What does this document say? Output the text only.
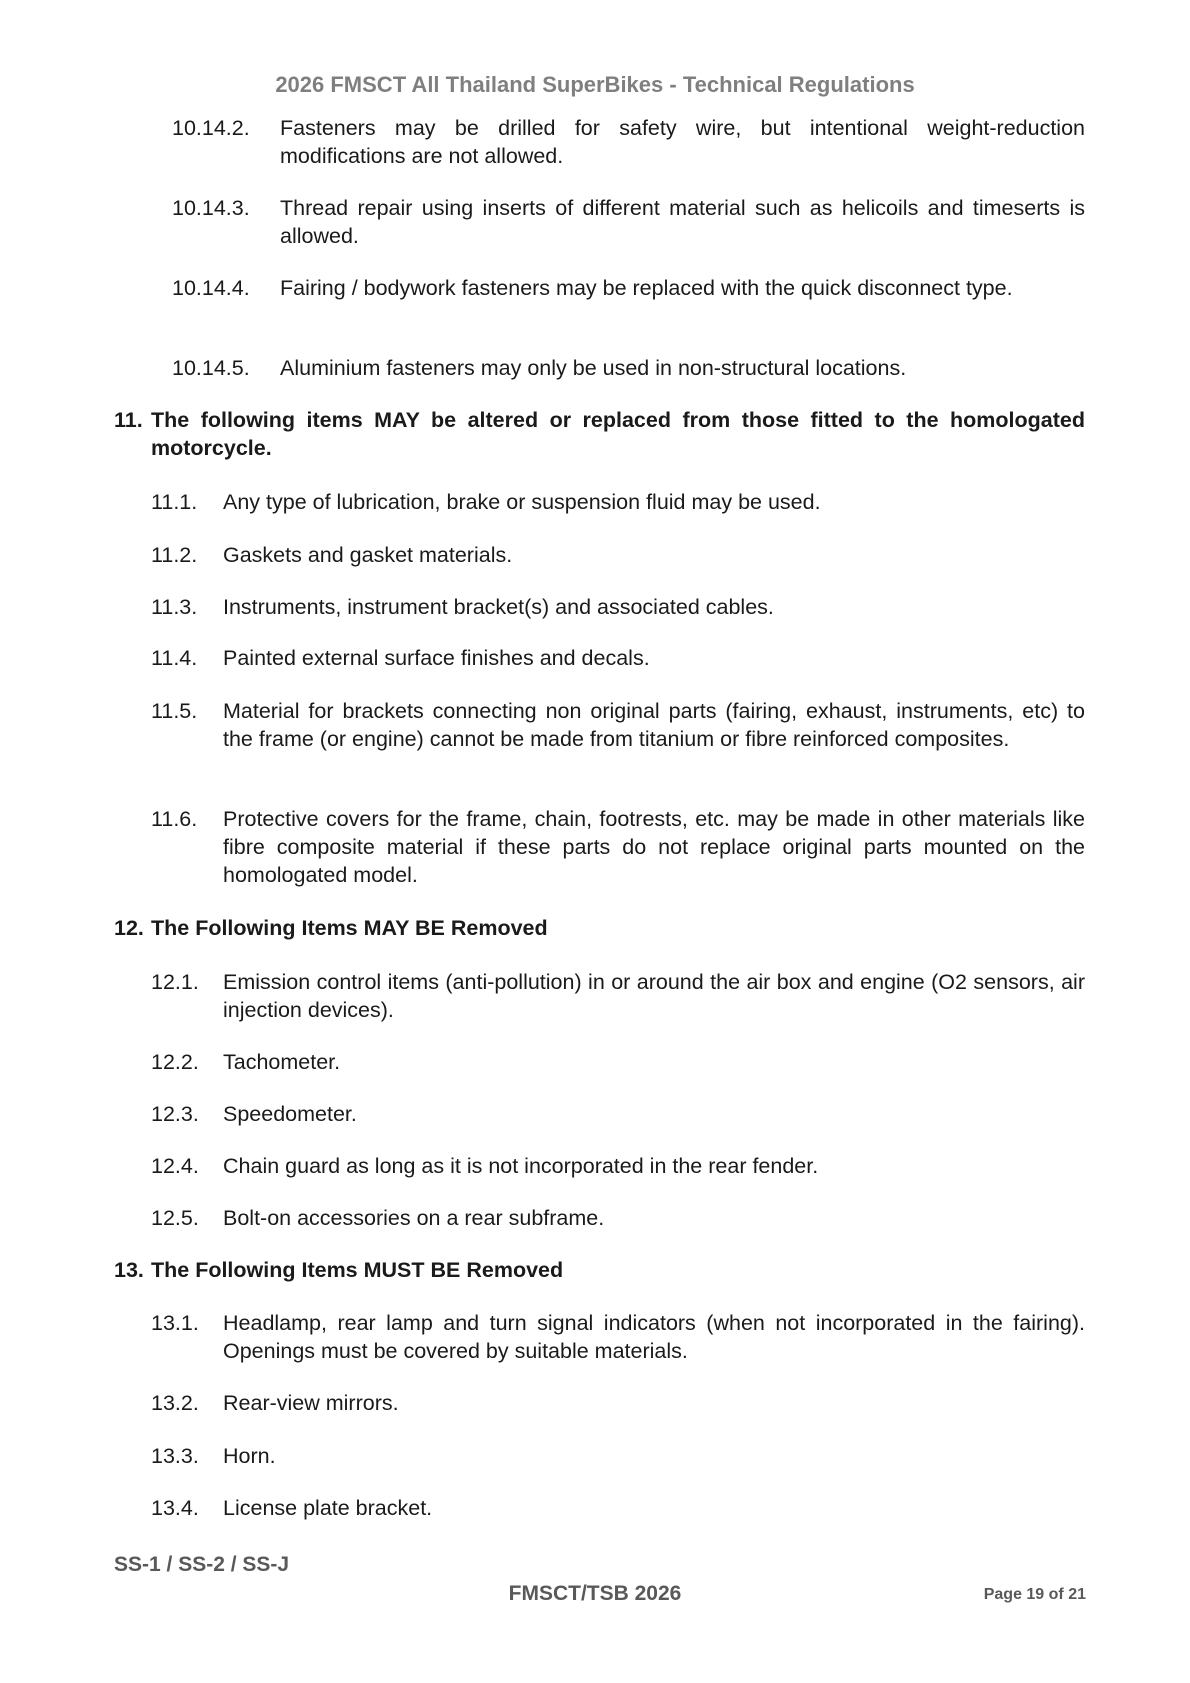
2026 FMSCT All Thailand SuperBikes - Technical Regulations
10.14.2. Fasteners may be drilled for safety wire, but intentional weight-reduction modifications are not allowed.
10.14.3. Thread repair using inserts of different material such as helicoils and timeserts is allowed.
10.14.4. Fairing / bodywork fasteners may be replaced with the quick disconnect type.
10.14.5. Aluminium fasteners may only be used in non-structural locations.
11. The following items MAY be altered or replaced from those fitted to the homologated motorcycle.
11.1. Any type of lubrication, brake or suspension fluid may be used.
11.2. Gaskets and gasket materials.
11.3. Instruments, instrument bracket(s) and associated cables.
11.4. Painted external surface finishes and decals.
11.5. Material for brackets connecting non original parts (fairing, exhaust, instruments, etc) to the frame (or engine) cannot be made from titanium or fibre reinforced composites.
11.6. Protective covers for the frame, chain, footrests, etc. may be made in other materials like fibre composite material if these parts do not replace original parts mounted on the homologated model.
12. The Following Items MAY BE Removed
12.1. Emission control items (anti-pollution) in or around the air box and engine (O2 sensors, air injection devices).
12.2. Tachometer.
12.3. Speedometer.
12.4. Chain guard as long as it is not incorporated in the rear fender.
12.5. Bolt-on accessories on a rear subframe.
13. The Following Items MUST BE Removed
13.1. Headlamp, rear lamp and turn signal indicators (when not incorporated in the fairing). Openings must be covered by suitable materials.
13.2. Rear-view mirrors.
13.3. Horn.
13.4. License plate bracket.
SS-1 / SS-2 / SS-J
FMSCT/TSB 2026	Page 19 of 21
